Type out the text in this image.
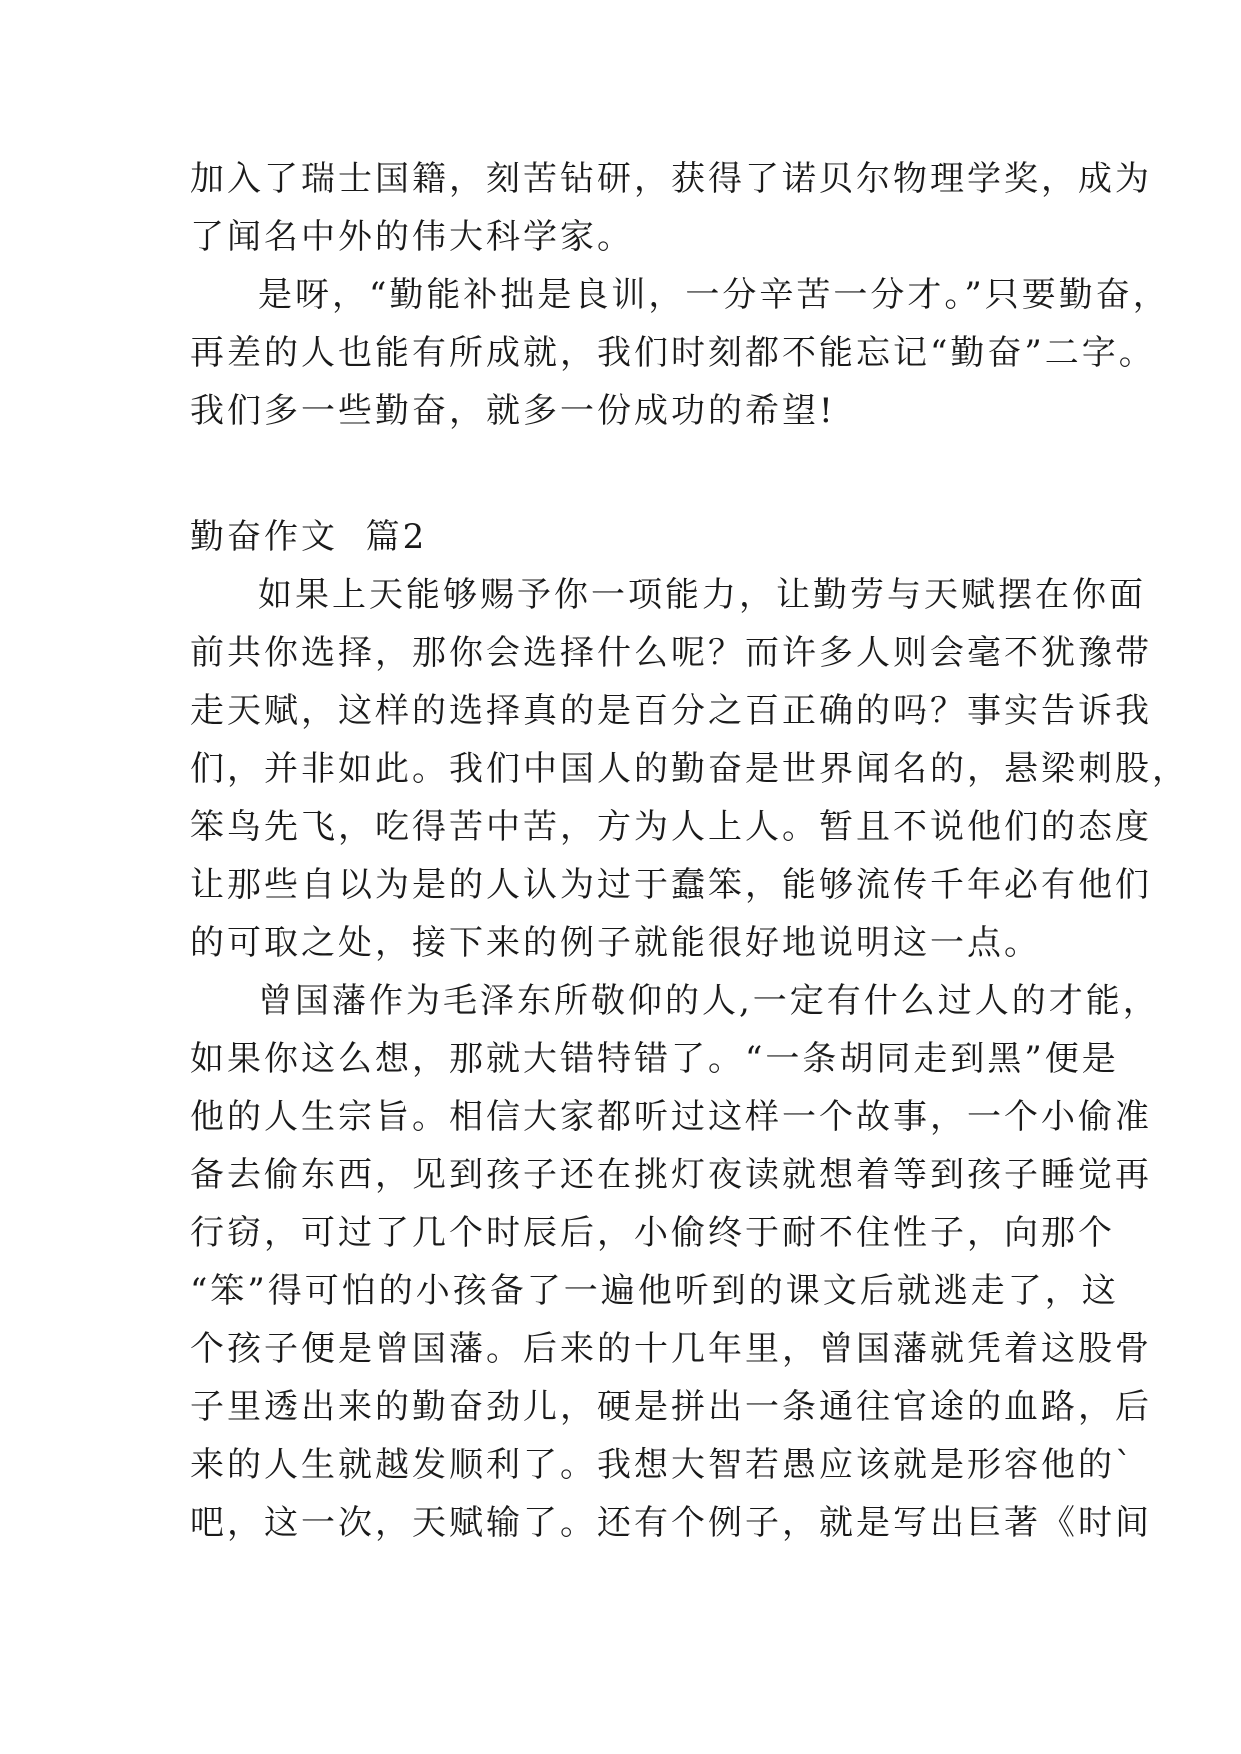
加入了瑞士国籍，刻苦钻研，获得了诺贝尔物理学奖，成为
了闻名中外的伟大科学家。
是呀，“勤能补拙是良训，一分辛苦一分才。”只要勤奋，
再差的人也能有所成就，我们时刻都不能忘记“勤奋”二字。
我们多一些勤奋，就多一份成功的希望!
勤奋作文  篇2
如果上天能够赐予你一项能力，让勤劳与天赋摆在你面
前共你选择，那你会选择什么呢？而许多人则会毫不犹豫带
走天赋，这样的选择真的是百分之百正确的吗？事实告诉我
们，并非如此。我们中国人的勤奋是世界闻名的，悬梁刺股，
笨鸟先飞，吃得苦中苦，方为人上人。暂且不说他们的态度
让那些自以为是的人认为过于蠢笨，能够流传千年必有他们
的可取之处，接下来的例子就能很好地说明这一点。
曾国藩作为毛泽东所敬仰的人,一定有什么过人的才能，
如果你这么想，那就大错特错了。“一条胡同走到黑”便是
他的人生宗旨。相信大家都听过这样一个故事，一个小偷准
备去偷东西，见到孩子还在挑灯夜读就想着等到孩子睡觉再
行窃，可过了几个时辰后，小偷终于耐不住性子，向那个
“笨”得可怕的小孩备了一遍他听到的课文后就逃走了，这
个孩子便是曾国藩。后来的十几年里，曾国藩就凭着这股骨
子里透出来的勤奋劲儿，硬是拼出一条通往官途的血路，后
来的人生就越发顺利了。我想大智若愚应该就是形容他的`
吧，这一次，天赋输了。还有个例子，就是写出巨著《时间
